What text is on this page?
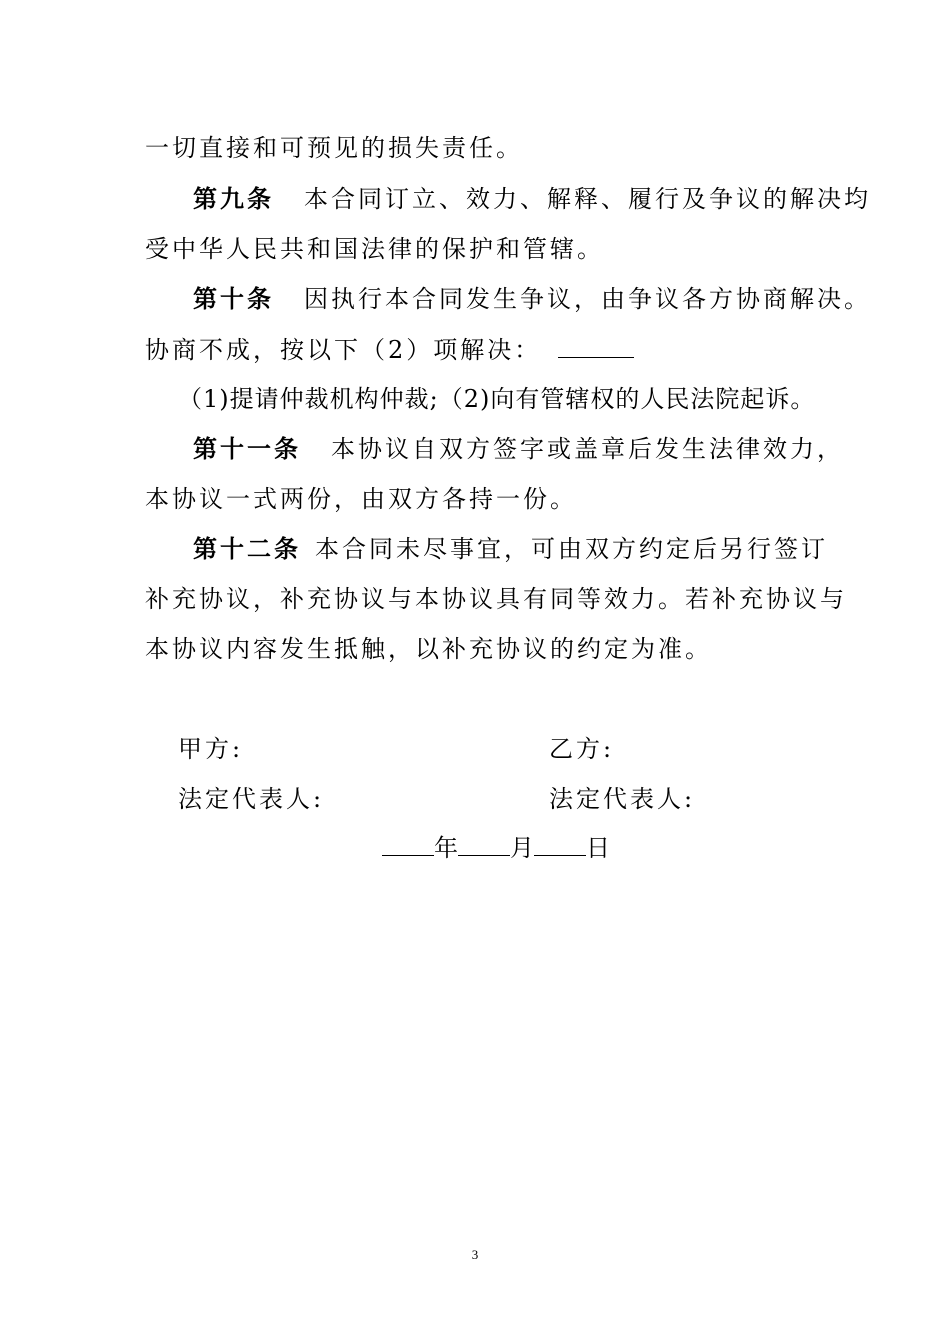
一切直接和可预见的损失责任。
第九条 本合同订立、效力、解释、履行及争议的解决均
受中华人民共和国法律的保护和管辖。
第十条 因执行本合同发生争议，由争议各方协商解决。
协商不成，按以下（2）项解决：
（1)提请仲裁机构仲裁;（2)向有管辖权的人民法院起诉。
第十一条 本协议自双方签字或盖章后发生法律效力，
本协议一式两份，由双方各持一份。
第十二条 本合同未尽事宜，可由双方约定后另行签订
补充协议，补充协议与本协议具有同等效力。若补充协议与
本协议内容发生抵触，以补充协议的约定为准。
甲方:	乙方:
法定代表人:	法定代表人:
年 月 日
3
